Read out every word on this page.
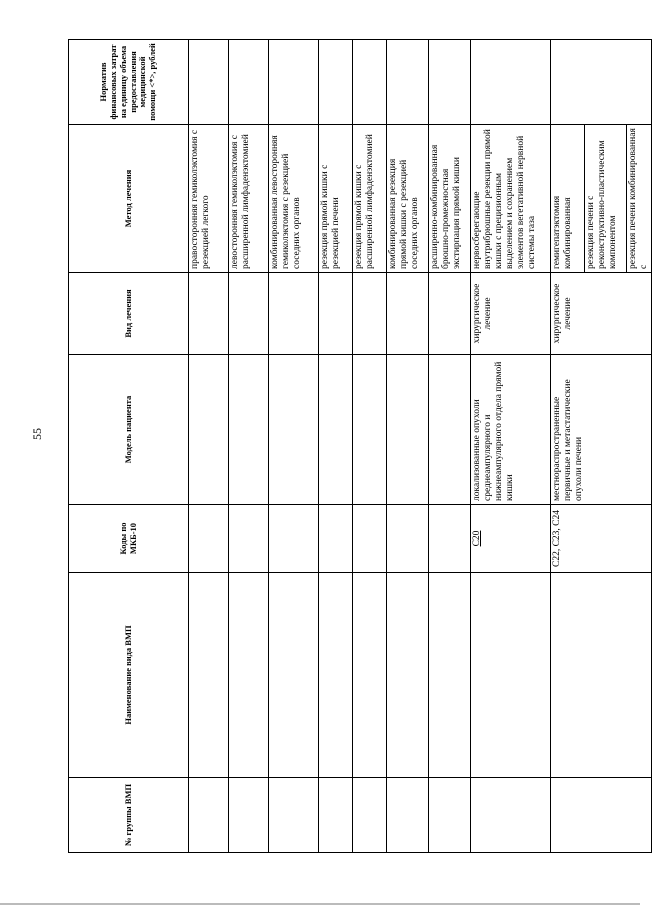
55
№ группы ВМП	Наименование вида ВМП	Коды по МКБ-10	Модель пациента	Вид лечения	Метод лечения	Норматив финансовых затрат на единицу объема предоставления медицинской помощи <*>, рублей
					правосторонняя гемиколэктомия с резекцией легкого	
					левосторонняя гемиколэктомия с расширенной лимфаденэктомией	
					комбинированная левосторонняя гемиколэктомия с резекцией соседних органов	
					резекция прямой кишки с резекцией печени	
					резекция прямой кишки с расширенной лимфаденэктомией	
					комбинированная резекция прямой кишки с резекцией соседних органов	
					расширенно-комбинированная брюшно-промежностная экстирпация прямой кишки	
		C20	локализованные опухоли среднеампулярного и нижнеампулярного отдела прямой кишки	хирургическое лечение	нервосберегающие внутрибрюшные резекции прямой кишки с прецизионным выделением и сохранением элементов вегетативной нервной системы таза	
		C22, C23, C24	местнораспространенные первичные и метастатические опухоли печени	хирургическое лечение	гемигепатэктомия комбинированная	
					резекция печени с реконструктивно-пластическим компонентом	
					резекция печени комбинированная с	
